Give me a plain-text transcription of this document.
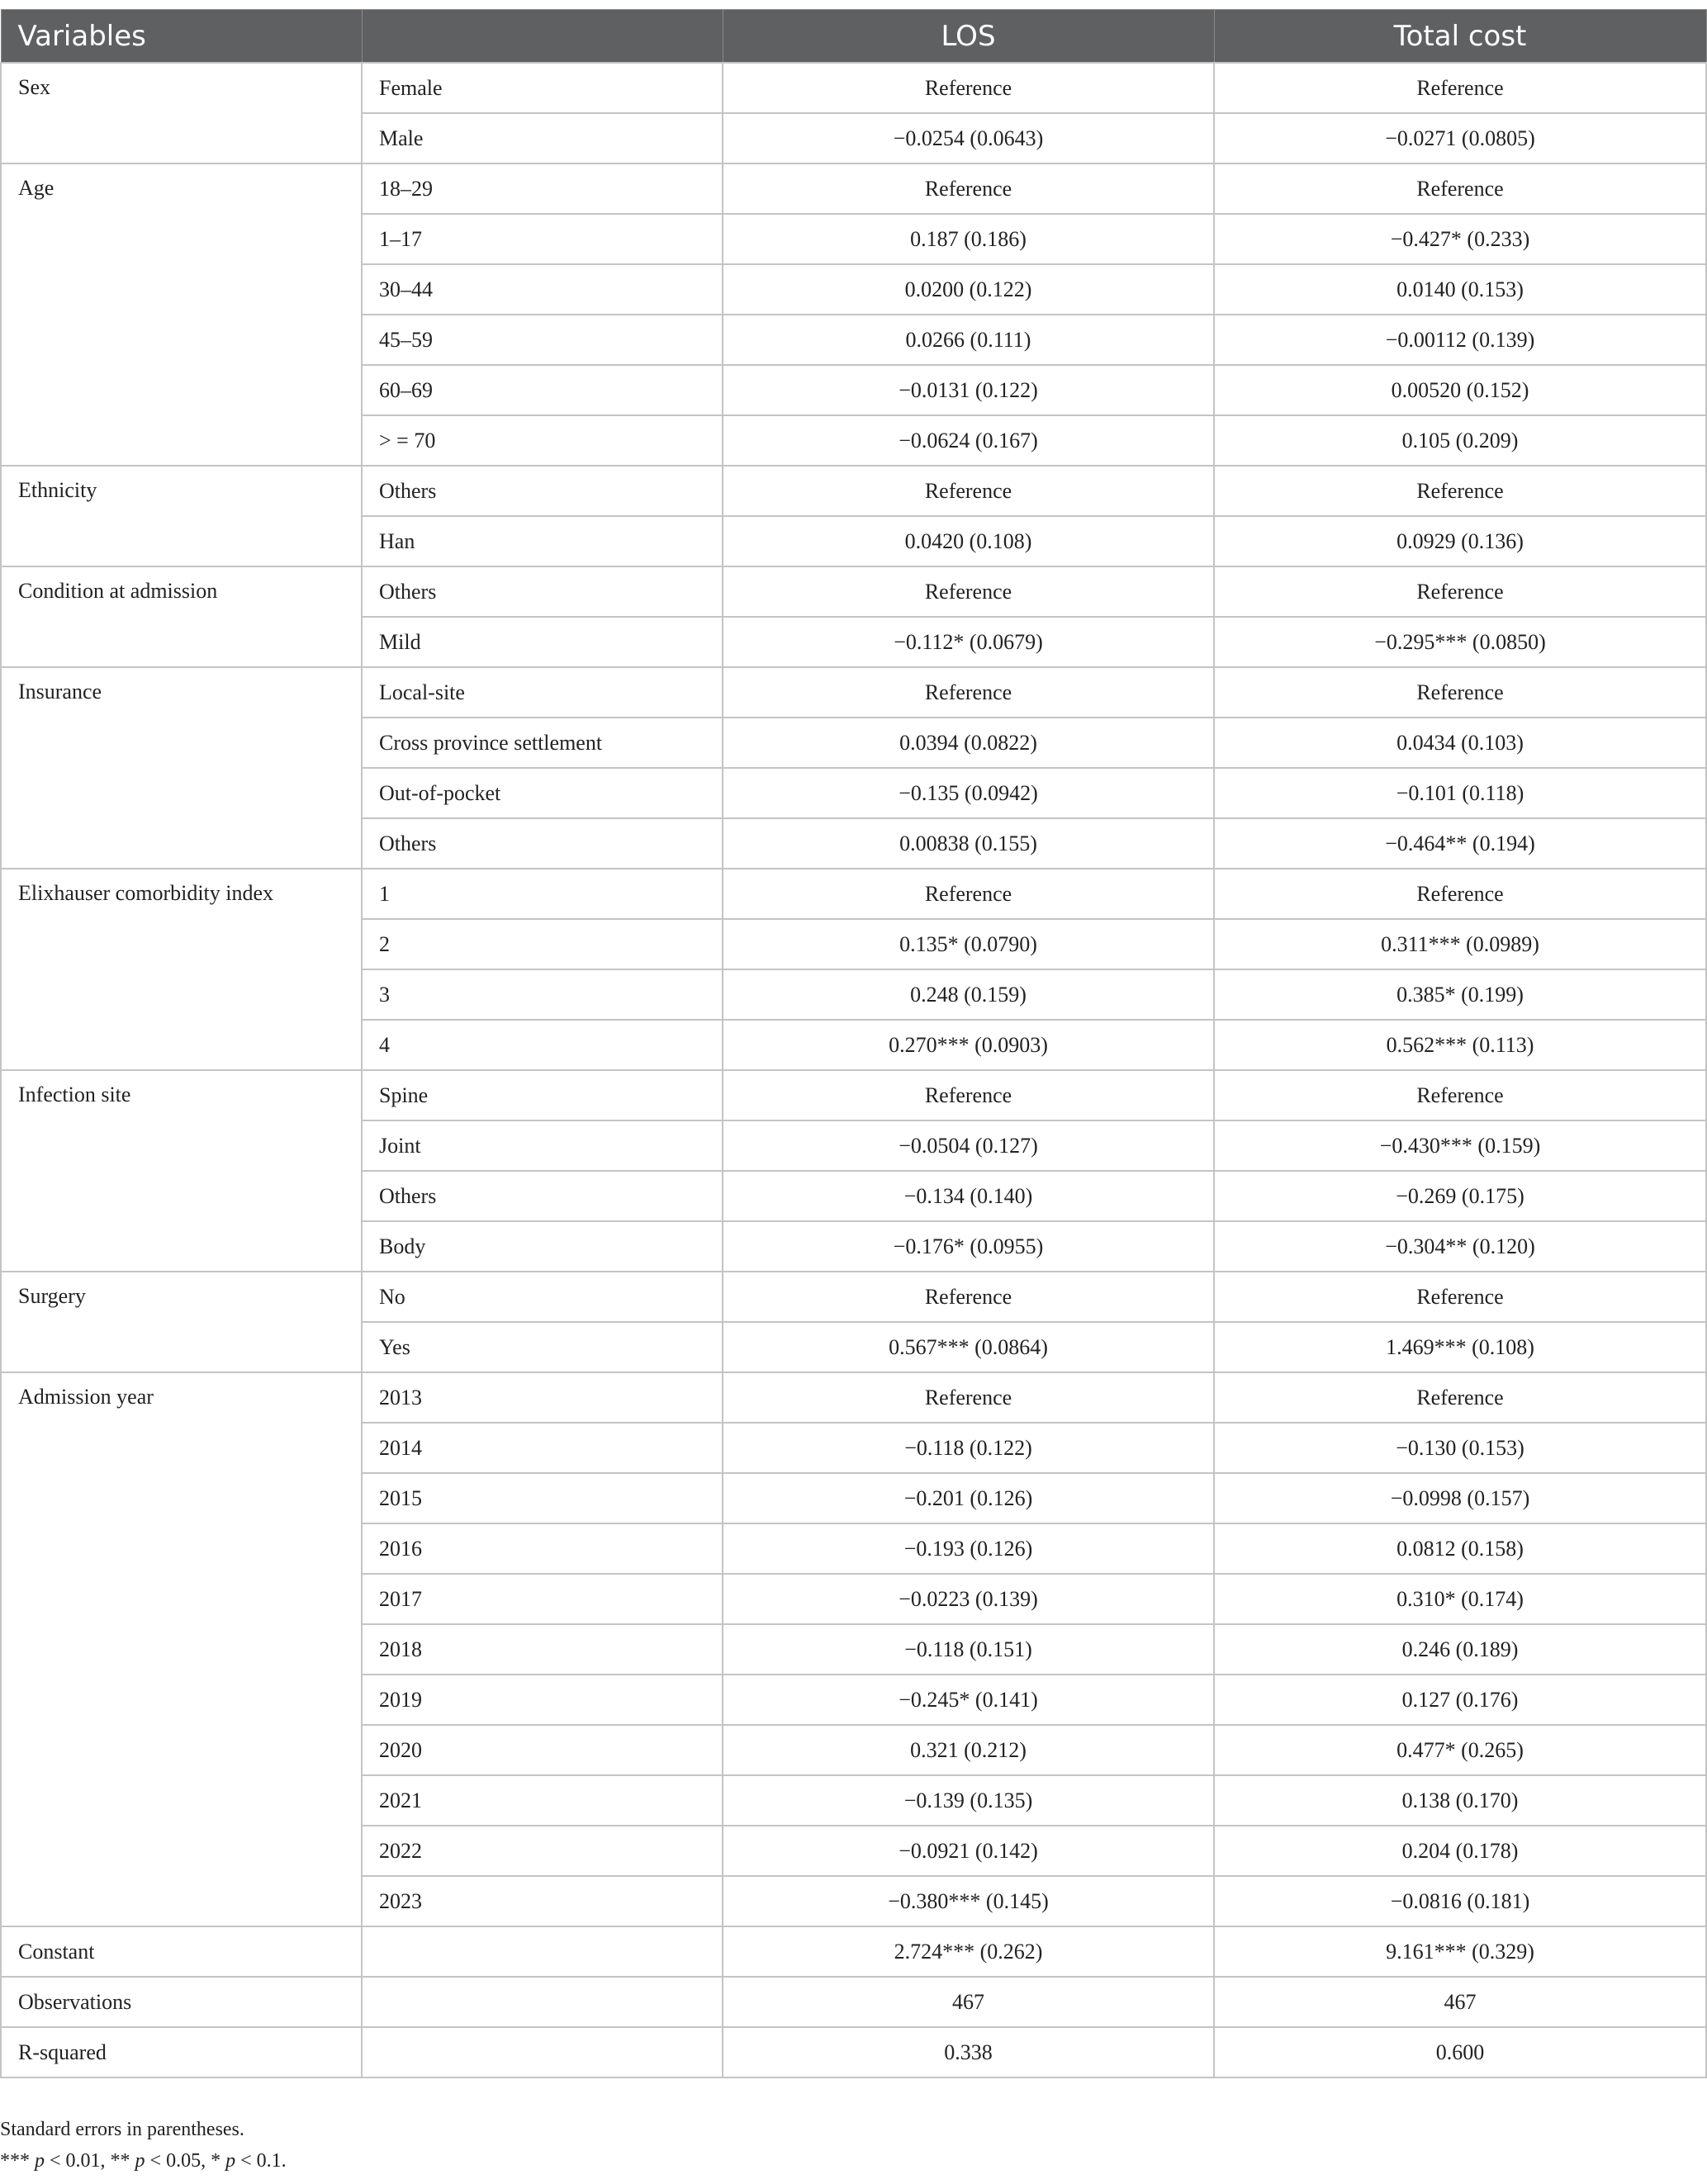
Variables		LOS	Total cost
Sex	Female	Reference	Reference
	Male	−0.0254 (0.0643)	−0.0271 (0.0805)
Age	18–29	Reference	Reference
	1–17	0.187 (0.186)	−0.427* (0.233)
	30–44	0.0200 (0.122)	0.0140 (0.153)
	45–59	0.0266 (0.111)	−0.00112 (0.139)
	60–69	−0.0131 (0.122)	0.00520 (0.152)
	> = 70	−0.0624 (0.167)	0.105 (0.209)
Ethnicity	Others	Reference	Reference
	Han	0.0420 (0.108)	0.0929 (0.136)
Condition at admission	Others	Reference	Reference
	Mild	−0.112* (0.0679)	−0.295*** (0.0850)
Insurance	Local-site	Reference	Reference
	Cross province settlement	0.0394 (0.0822)	0.0434 (0.103)
	Out-of-pocket	−0.135 (0.0942)	−0.101 (0.118)
	Others	0.00838 (0.155)	−0.464** (0.194)
Elixhauser comorbidity index	1	Reference	Reference
	2	0.135* (0.0790)	0.311*** (0.0989)
	3	0.248 (0.159)	0.385* (0.199)
	4	0.270*** (0.0903)	0.562*** (0.113)
Infection site	Spine	Reference	Reference
	Joint	−0.0504 (0.127)	−0.430*** (0.159)
	Others	−0.134 (0.140)	−0.269 (0.175)
	Body	−0.176* (0.0955)	−0.304** (0.120)
Surgery	No	Reference	Reference
	Yes	0.567*** (0.0864)	1.469*** (0.108)
Admission year	2013	Reference	Reference
	2014	−0.118 (0.122)	−0.130 (0.153)
	2015	−0.201 (0.126)	−0.0998 (0.157)
	2016	−0.193 (0.126)	0.0812 (0.158)
	2017	−0.0223 (0.139)	0.310* (0.174)
	2018	−0.118 (0.151)	0.246 (0.189)
	2019	−0.245* (0.141)	0.127 (0.176)
	2020	0.321 (0.212)	0.477* (0.265)
	2021	−0.139 (0.135)	0.138 (0.170)
	2022	−0.0921 (0.142)	0.204 (0.178)
	2023	−0.380*** (0.145)	−0.0816 (0.181)
Constant		2.724*** (0.262)	9.161*** (0.329)
Observations		467	467
R-squared		0.338	0.600
Standard errors in parentheses.
*** p < 0.01, ** p < 0.05, * p < 0.1.
